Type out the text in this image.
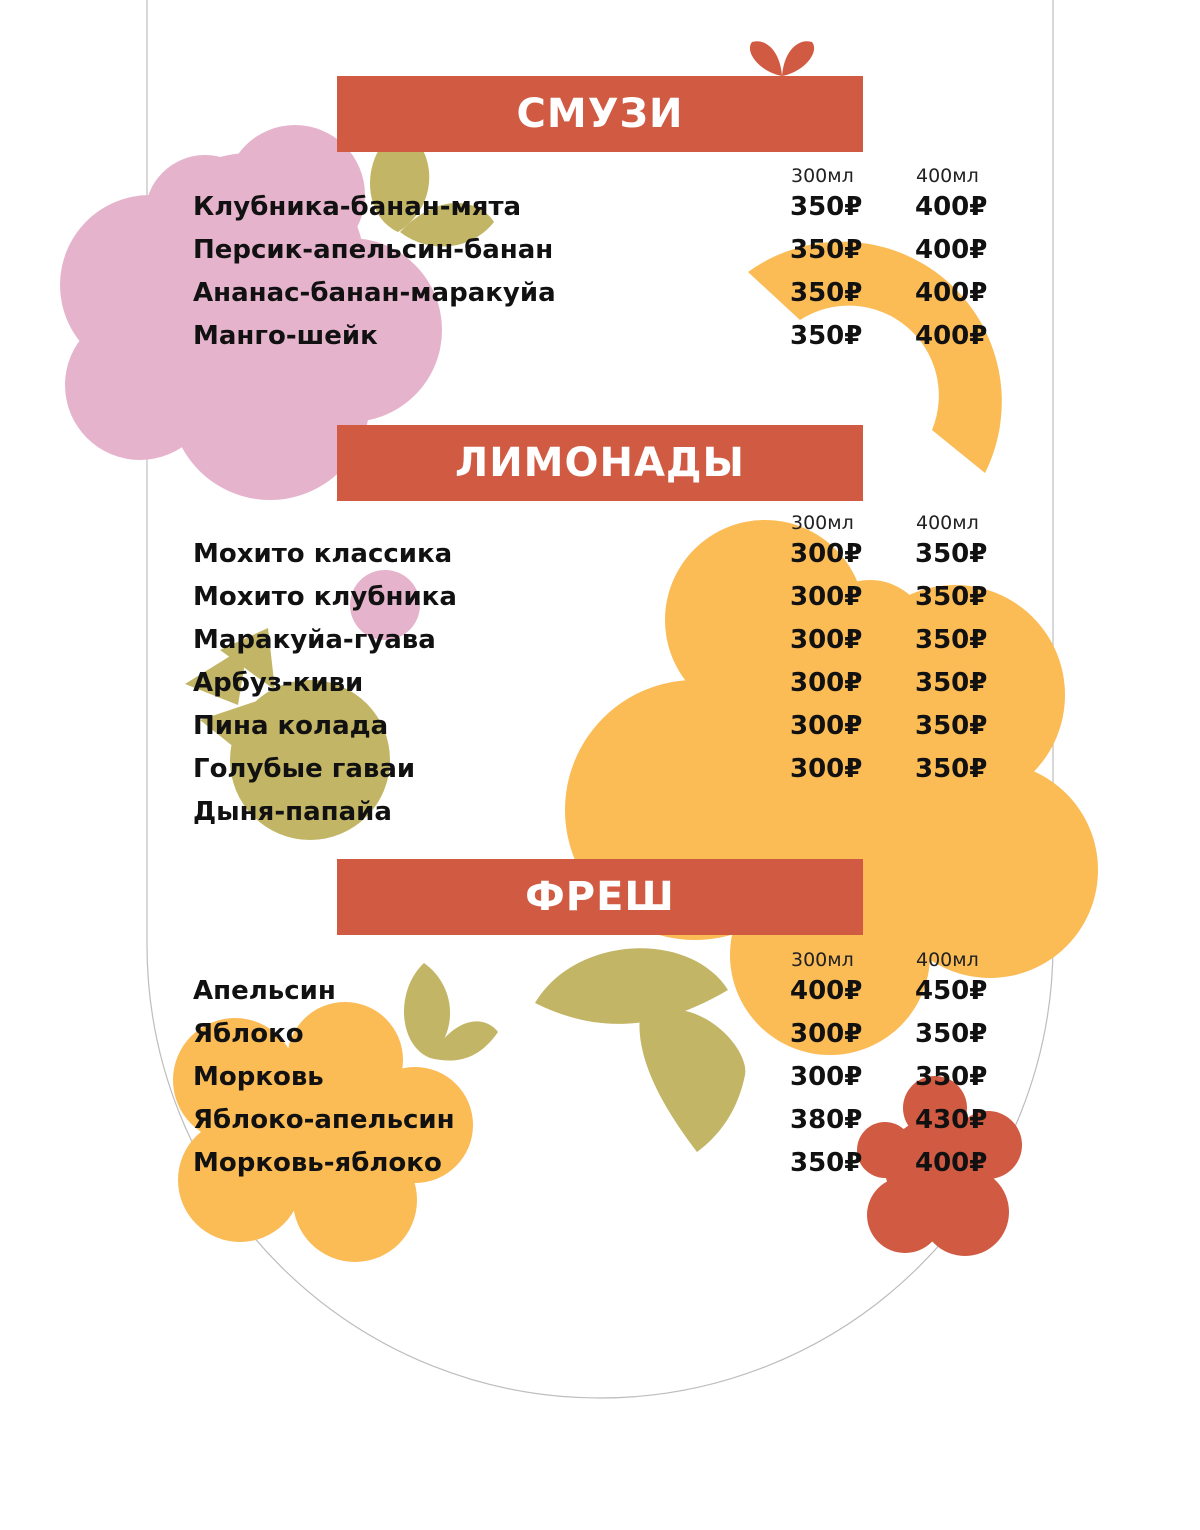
СМУЗИ
300мл	400мл
Клубника-банан-мята	350₽ 400₽
Персик-апельсин-банан	350₽ 400₽
Ананас-банан-маракуйа	350₽ 400₽
Манго-шейк	350₽ 400₽
ЛИМОНАДЫ
300мл	400мл
Мохито классика	300₽ 350₽
Мохито клубника	300₽ 350₽
Маракуйа-гуава	300₽ 350₽
Арбуз-киви	300₽ 350₽
Пина колада	300₽ 350₽
Голубые гаваи	300₽ 350₽
Дыня-папайа
ФРЕШ
300мл	400мл
Апельсин	400₽ 450₽
Яблоко	300₽ 350₽
Морковь	300₽ 350₽
Яблоко-апельсин	380₽ 430₽
Морковь-яблоко	350₽ 400₽
